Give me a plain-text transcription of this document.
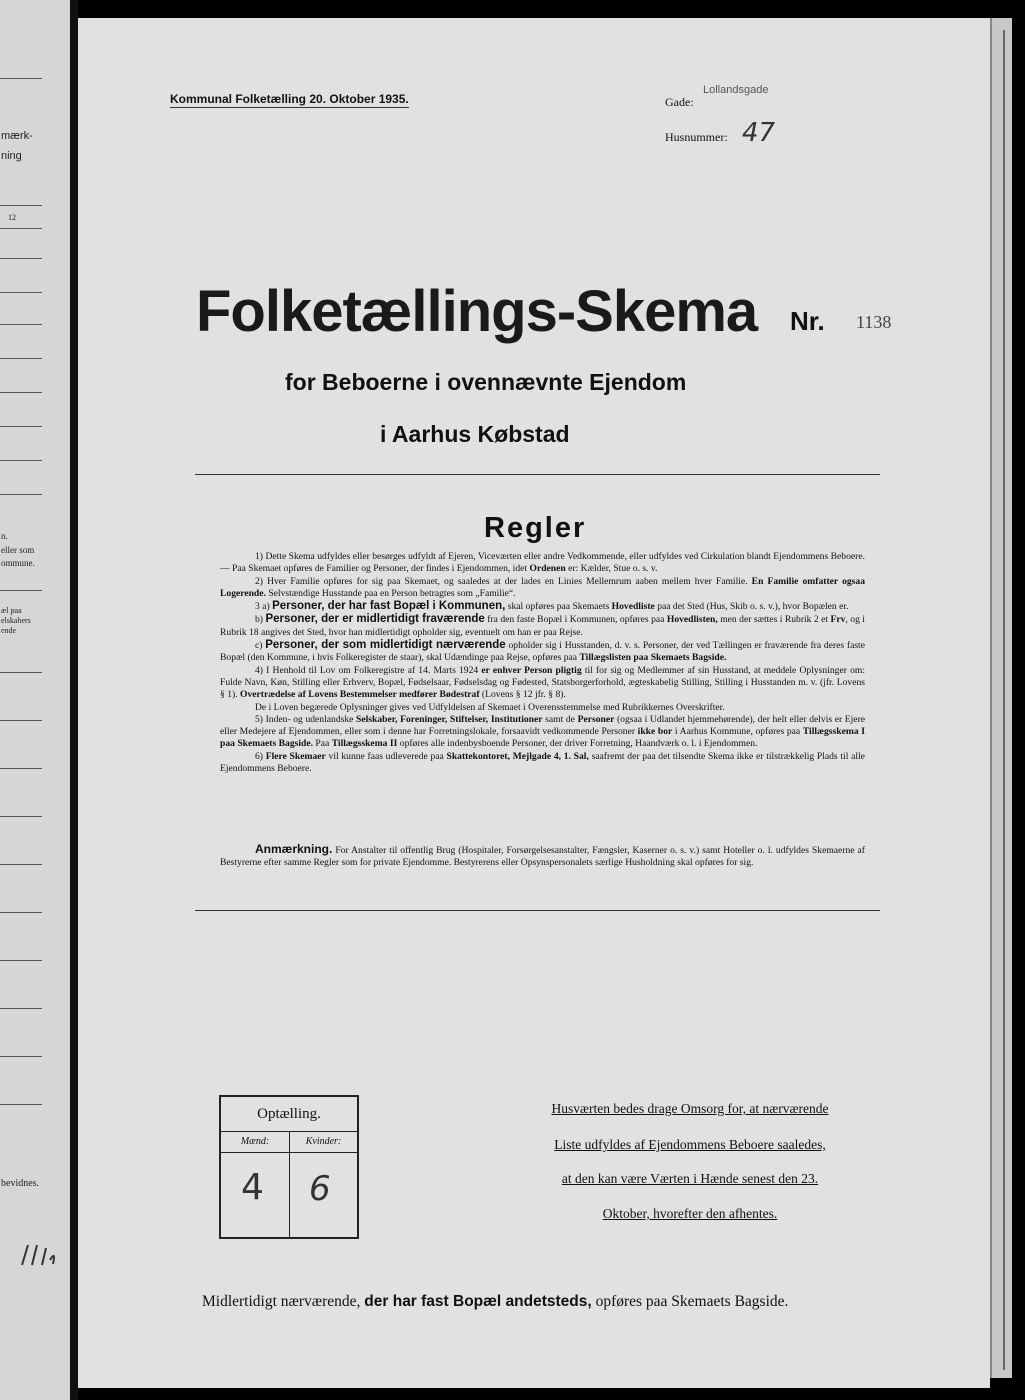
mærk-
ning
12
n.
eller som
ommune.
æl paa
elskabers
ende
bevidnes.
Kommunal Folketælling 20. Oktober 1935.	Gade:
Lollandsgade
Husnummer: 47
Folketællings-Skema Nr. 1138
for Beboerne i ovennævnte Ejendom
i Aarhus Købstad
Regler

1) Dette Skema udfyldes eller besørges udfyldt af Ejeren, Viceværten eller andre Vedkommende, eller udfyldes ved Cirkulation blandt Ejendommens Beboere. — Paa Skemaet opføres de Familier og Personer, der findes i Ejendommen, idet Ordenen er: Kælder, Stue o. s. v.

2) Hver Familie opføres for sig paa Skemaet, og saaledes at der lades en Linies Mellemrum aaben mellem hver Familie. En Familie omfatter ogsaa Logerende. Selvstændige Husstande paa en Person betragtes som „Familie“.

3 a) Personer, der har fast Bopæl i Kommunen, skal opføres paa Skemaets Hovedliste paa det Sted (Hus, Skib o. s. v.), hvor Bopælen er.

b) Personer, der er midlertidigt fraværende fra den faste Bopæl i Kommunen, opføres paa Hovedlisten, men der sættes i Rubrik 2 et Frv, og i Rubrik 18 angives det Sted, hvor han midlertidigt opholder sig, eventuelt om han er paa Rejse.

c) Personer, der som midlertidigt nærværende opholder sig i Husstanden, d. v. s. Personer, der ved Tællingen er fraværende fra deres faste Bopæl (den Kommune, i hvis Folkeregister de staar), skal Udændinge paa Rejse, opføres paa Tillægslisten paa Skemaets Bagside.

4) I Henhold til Lov om Folkeregistre af 14. Marts 1924 er enhver Person pligtig til for sig og Medlemmer af sin Husstand, at meddele Oplysninger om: Fulde Navn, Køn, Stilling eller Erhverv, Bopæl, Fødselsaar, Fødselsdag og Fødested, Statsborgerforhold, ægteskabelig Stilling, Stilling i Husstanden m. v. (jfr. Lovens § 1). Overtrædelse af Lovens Bestemmelser medfører Bødestraf (Lovens § 12 jfr. § 8).

De i Loven begærede Oplysninger gives ved Udfyldelsen af Skemaet i Overensstemmelse med Rubrikkernes Overskrifter.

5) Inden- og udenlandske Selskaber, Foreninger, Stiftelser, Institutioner samt de Personer (ogsaa i Udlandet hjemmehørende), der helt eller delvis er Ejere eller Medejere af Ejendommen, eller som i denne har Forretningslokale, forsaavidt vedkommende Personer ikke bor i Aarhus Kommune, opføres paa Tillægsskema I paa Skemaets Bagside. Paa Tillægsskema II opføres alle indenbysboende Personer, der driver Forretning, Haandværk o. l. i Ejendommen.

6) Flere Skemaer vil kunne faas udleverede paa Skattekontoret, Mejlgade 4, 1. Sal, saafremt der paa det tilsendte Skema ikke er tilstrækkelig Plads til alle Ejendommens Beboere.

Anmærkning. For Anstalter til offentlig Brug (Hospitaler, Forsørgelsesanstalter, Fængsler, Kaserner o. s. v.) samt Hoteller o. l. udfyldes Skemaerne af Bestyrerne efter samme Regler som for private Ejendomme. Bestyrerens eller Opsynspersonalets særlige Husholdning skal opføres for sig.

Optælling.
Mænd:	Kvinder:
4 6
Husværten bedes drage Omsorg for, at nærværende
Liste udfyldes af Ejendommens Beboere saaledes,
at den kan være Værten i Hænde senest den 23.
Oktober, hvorefter den afhentes.
Midlertidigt nærværende, der har fast Bopæl andetsteds, opføres paa Skemaets Bagside.
